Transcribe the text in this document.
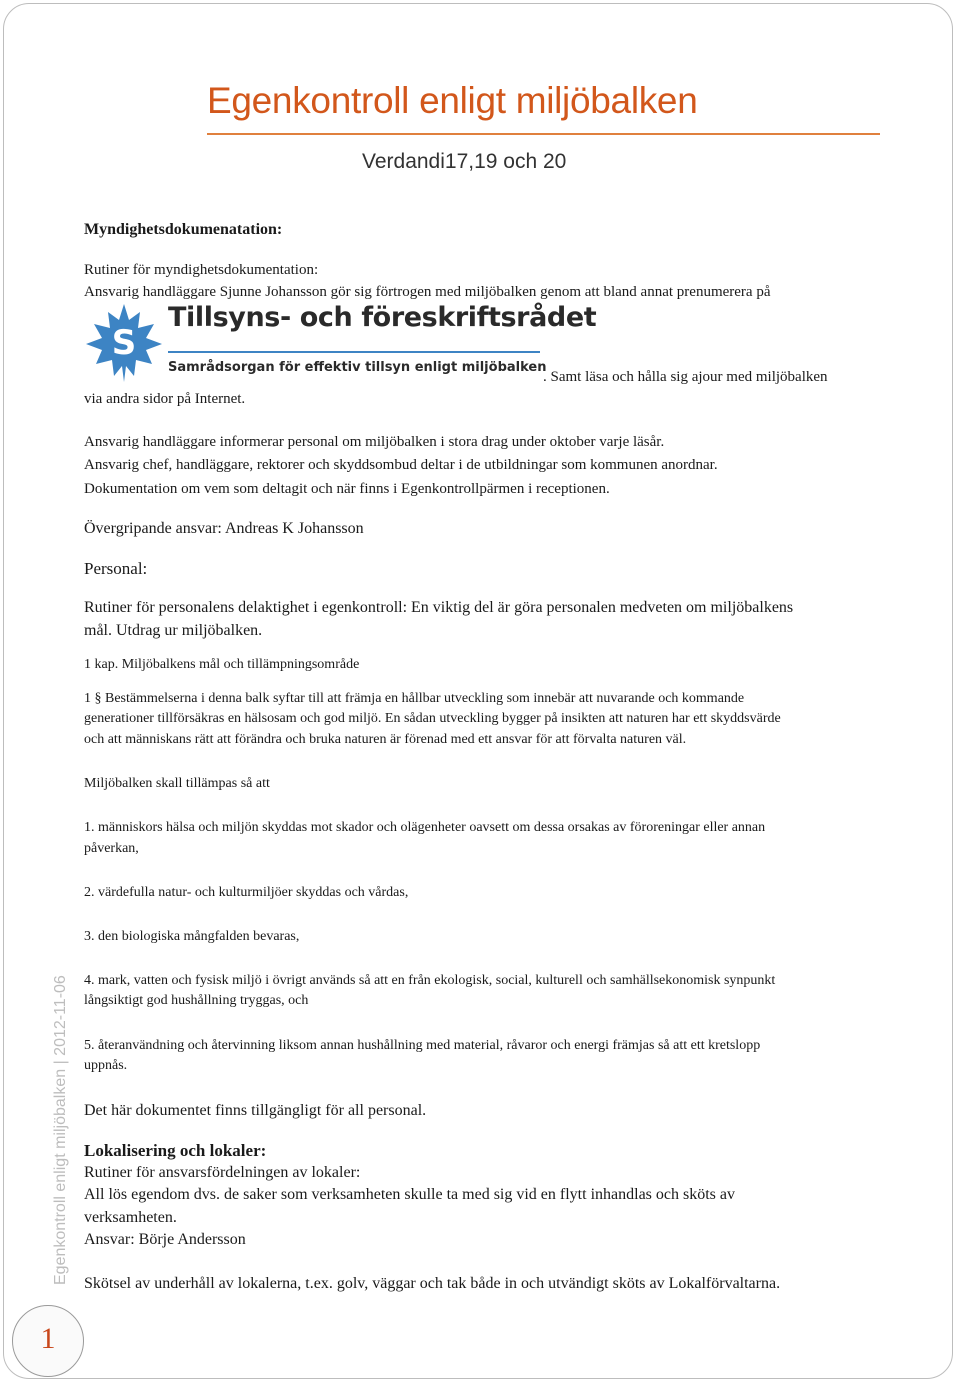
Egenkontroll enligt miljöbalken
Verdandi17,19 och 20

Myndighetsdokumenatation:

Rutiner för myndighetsdokumentation:

Ansvarig handläggare Sjunne Johansson gör sig förtrogen med miljöbalken genom att bland annat prenumerera på

S
Tillsyns- och föreskriftsrådet
Samrådsorgan för effektiv tillsyn enligt miljöbalken

. Samt läsa och hålla sig ajour med miljöbalken

via andra sidor på Internet.

Ansvarig handläggare informerar personal om miljöbalken i stora drag under oktober varje läsår.

Ansvarig chef, handläggare, rektorer och skyddsombud deltar i de utbildningar som kommunen anordnar.

Dokumentation om vem som deltagit och när finns i Egenkontrollpärmen i receptionen.

Övergripande ansvar: Andreas K Johansson

Personal:

Rutiner för personalens delaktighet i egenkontroll: En viktig del är göra personalen medveten om miljöbalkens

mål. Utdrag ur miljöbalken.

1 kap. Miljöbalkens mål och tillämpningsområde

1 § Bestämmelserna i denna balk syftar till att främja en hållbar utveckling som innebär att nuvarande och kommande

generationer tillförsäkras en hälsosam och god miljö. En sådan utveckling bygger på insikten att naturen har ett skyddsvärde

och att människans rätt att förändra och bruka naturen är förenad med ett ansvar för att förvalta naturen väl.

Miljöbalken skall tillämpas så att

1. människors hälsa och miljön skyddas mot skador och olägenheter oavsett om dessa orsakas av föroreningar eller annan

påverkan,

2. värdefulla natur- och kulturmiljöer skyddas och vårdas,

3. den biologiska mångfalden bevaras,

4. mark, vatten och fysisk miljö i övrigt används så att en från ekologisk, social, kulturell och samhällsekonomisk synpunkt

långsiktigt god hushållning tryggas, och

5. återanvändning och återvinning liksom annan hushållning med material, råvaror och energi främjas så att ett kretslopp

uppnås.

Det här dokumentet finns tillgängligt för all personal.

Lokalisering och lokaler:

Rutiner för ansvarsfördelningen av lokaler:

All lös egendom dvs. de saker som verksamheten skulle ta med sig vid en flytt inhandlas och sköts av

verksamheten.

Ansvar: Börje Andersson

Skötsel av underhåll av lokalerna, t.ex. golv, väggar och tak både in och utvändigt sköts av Lokalförvaltarna.

Egenkontroll enligt miljöbalken | 2012-11-06
1
